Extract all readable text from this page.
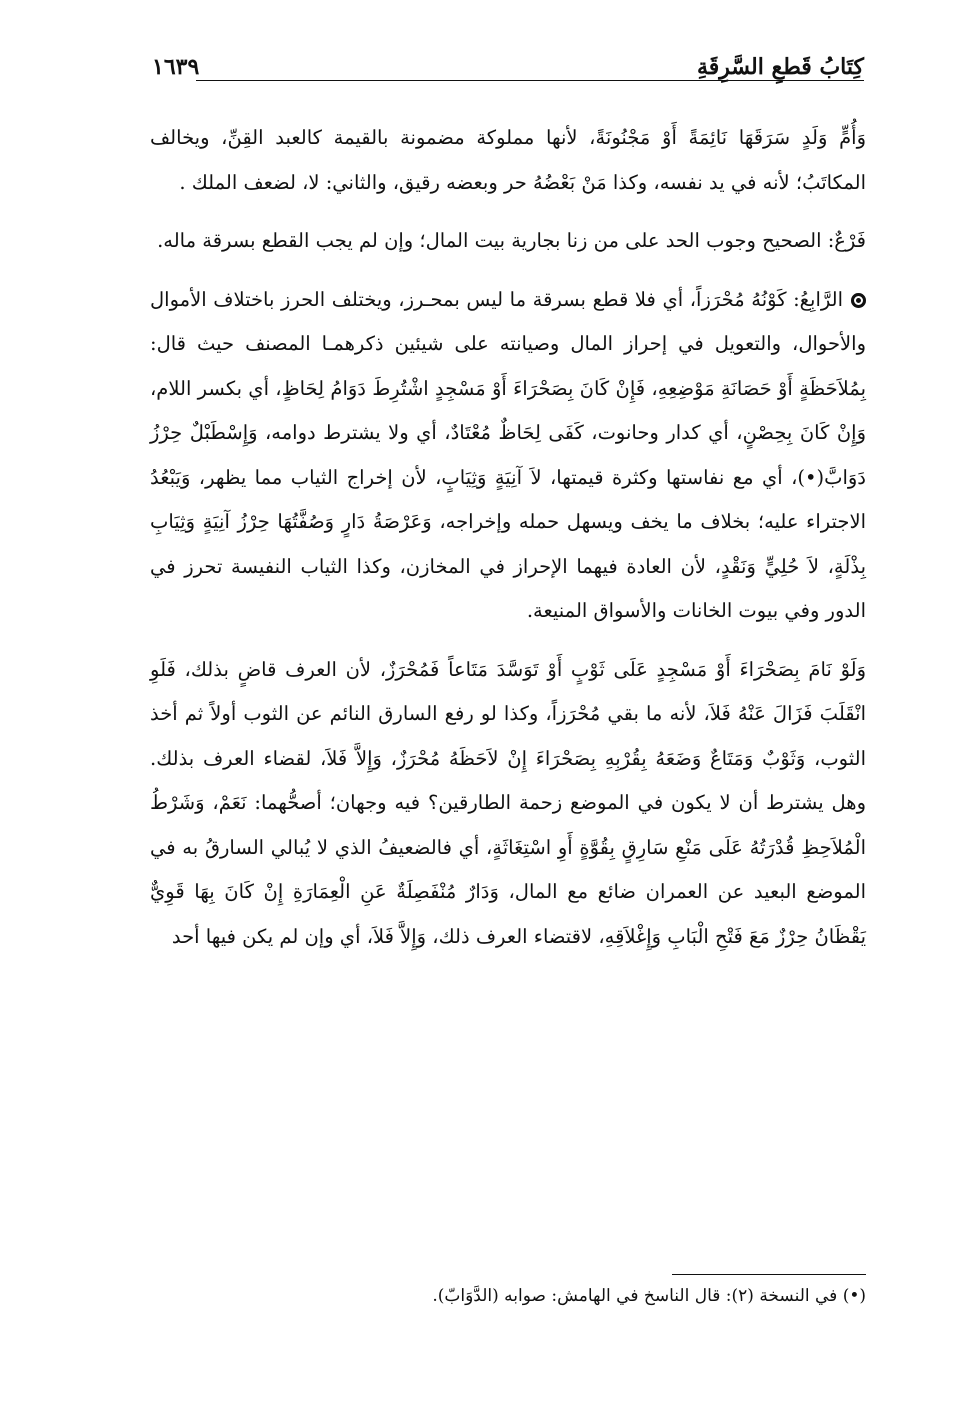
كِتَابُ قَطعِ السَّرِقَةِ
١٦٣٩

وَأُمٍّ وَلَدٍ سَرَقَهَا نَائِمَةً أَوْ مَجْنُونَةً، لأنها مملوكة مضمونة بالقيمة كالعبد القِنِّ، ويخالف المكاتَبُ؛ لأنه في يد نفسه، وكذا مَنْ بَعْضُهُ حر وبعضه رقيق، والثاني: لا، لضعف الملك .

فَرْعٌ: الصحيح وجوب الحد على من زنا بجارية بيت المال؛ وإن لم يجب القطع بسرقة ماله.

الرَّابِعُ: كَوْنُهُ مُحْرَزاً، أي فلا قطع بسرقة ما ليس بمحـرز، ويختلف الحرز باختلاف الأموال والأحوال، والتعويل في إحراز المال وصيانته على شيئين ذكرهمـا المصنف حيث قال: بِمُلاَحَظَةٍ أَوْ حَصَانَةِ مَوْضِعِهِ، فَإِنْ كَانَ بِصَحْرَاءَ أَوْ مَسْجِدٍ اشْتُرِطَ دَوَامُ لِحَاظٍ، أي بكسر اللام، وَإِنْ كَانَ بِحِصْنٍ، أي كدار وحانوت، كَفَى لِحَاظٌ مُعْتَادٌ، أي ولا يشترط دوامه، وَإِسْطَبْلٌ حِرْزُ دَوَابَّ(•)، أي مع نفاستها وكثرة قيمتها، لاَ آنِيَةٍ وَثِيَابٍ، لأن إخراج الثياب مما يظهر، وَيَبْعُدُ الاجتراء عليه؛ بخلاف ما يخف ويسهل حمله وإخراجه، وَعَرْصَةُ دَارٍ وَصُفَّتُهَا حِرْزُ آنِيَةٍ وَثِيَابِ بِذْلَةٍ، لاَ حُلِيٍّ وَنَقْدٍ، لأن العادة فيهما الإحراز في المخازن، وكذا الثياب النفيسة تحرز في الدور وفي بيوت الخانات والأسواق المنيعة.

وَلَوْ نَامَ بِصَحْرَاءَ أَوْ مَسْجِدٍ عَلَى ثَوْبٍ أَوْ تَوَسَّدَ مَتَاعاً فَمُحْرَزٌ، لأن العرف قاضٍ بذلك، فَلَوِ انْقَلَبَ فَزَالَ عَنْهُ فَلاَ، لأنه ما بقي مُحْرَزاً، وكذا لو رفع السارق النائم عن الثوب أولاً ثم أخذ الثوب، وَثَوْبٌ وَمَتَاعٌ وَضَعَهُ بِقُرْبِهِ بِصَحْرَاءَ إِنْ لاَحَظَهُ مُحْرَزٌ، وَإِلاَّ فَلاَ، لقضاء العرف بذلك. وهل يشترط أن لا يكون في الموضع زحمة الطارقين؟ فيه وجهان؛ أصحُّهما: نَعَمْ، وَشَرْطُ الْمُلاَحِظِ قُدْرَتُهُ عَلَى مَنْعِ سَارِقٍ بِقُوَّةٍ أَوِ اسْتِغَاثَةٍ، أي فالضعيفُ الذي لا يُبالي السارقُ به في الموضع البعيد عن العمران ضائع مع المال، وَدَارٌ مُنْفَصِلَةٌ عَنِ الْعِمَارَةِ إِنْ كَانَ بِهَا قَوِيٌّ يَقْظَانُ حِرْزٌ مَعَ فَتْحِ الْبَابِ وَإِغْلاَقِهِ، لاقتضاء العرف ذلك، وَإِلاَّ فَلاَ، أي وإن لم يكن فيها أحد

(•) في النسخة (٢): قال الناسخ في الهامش: صوابه (الدَّوَابّ).
